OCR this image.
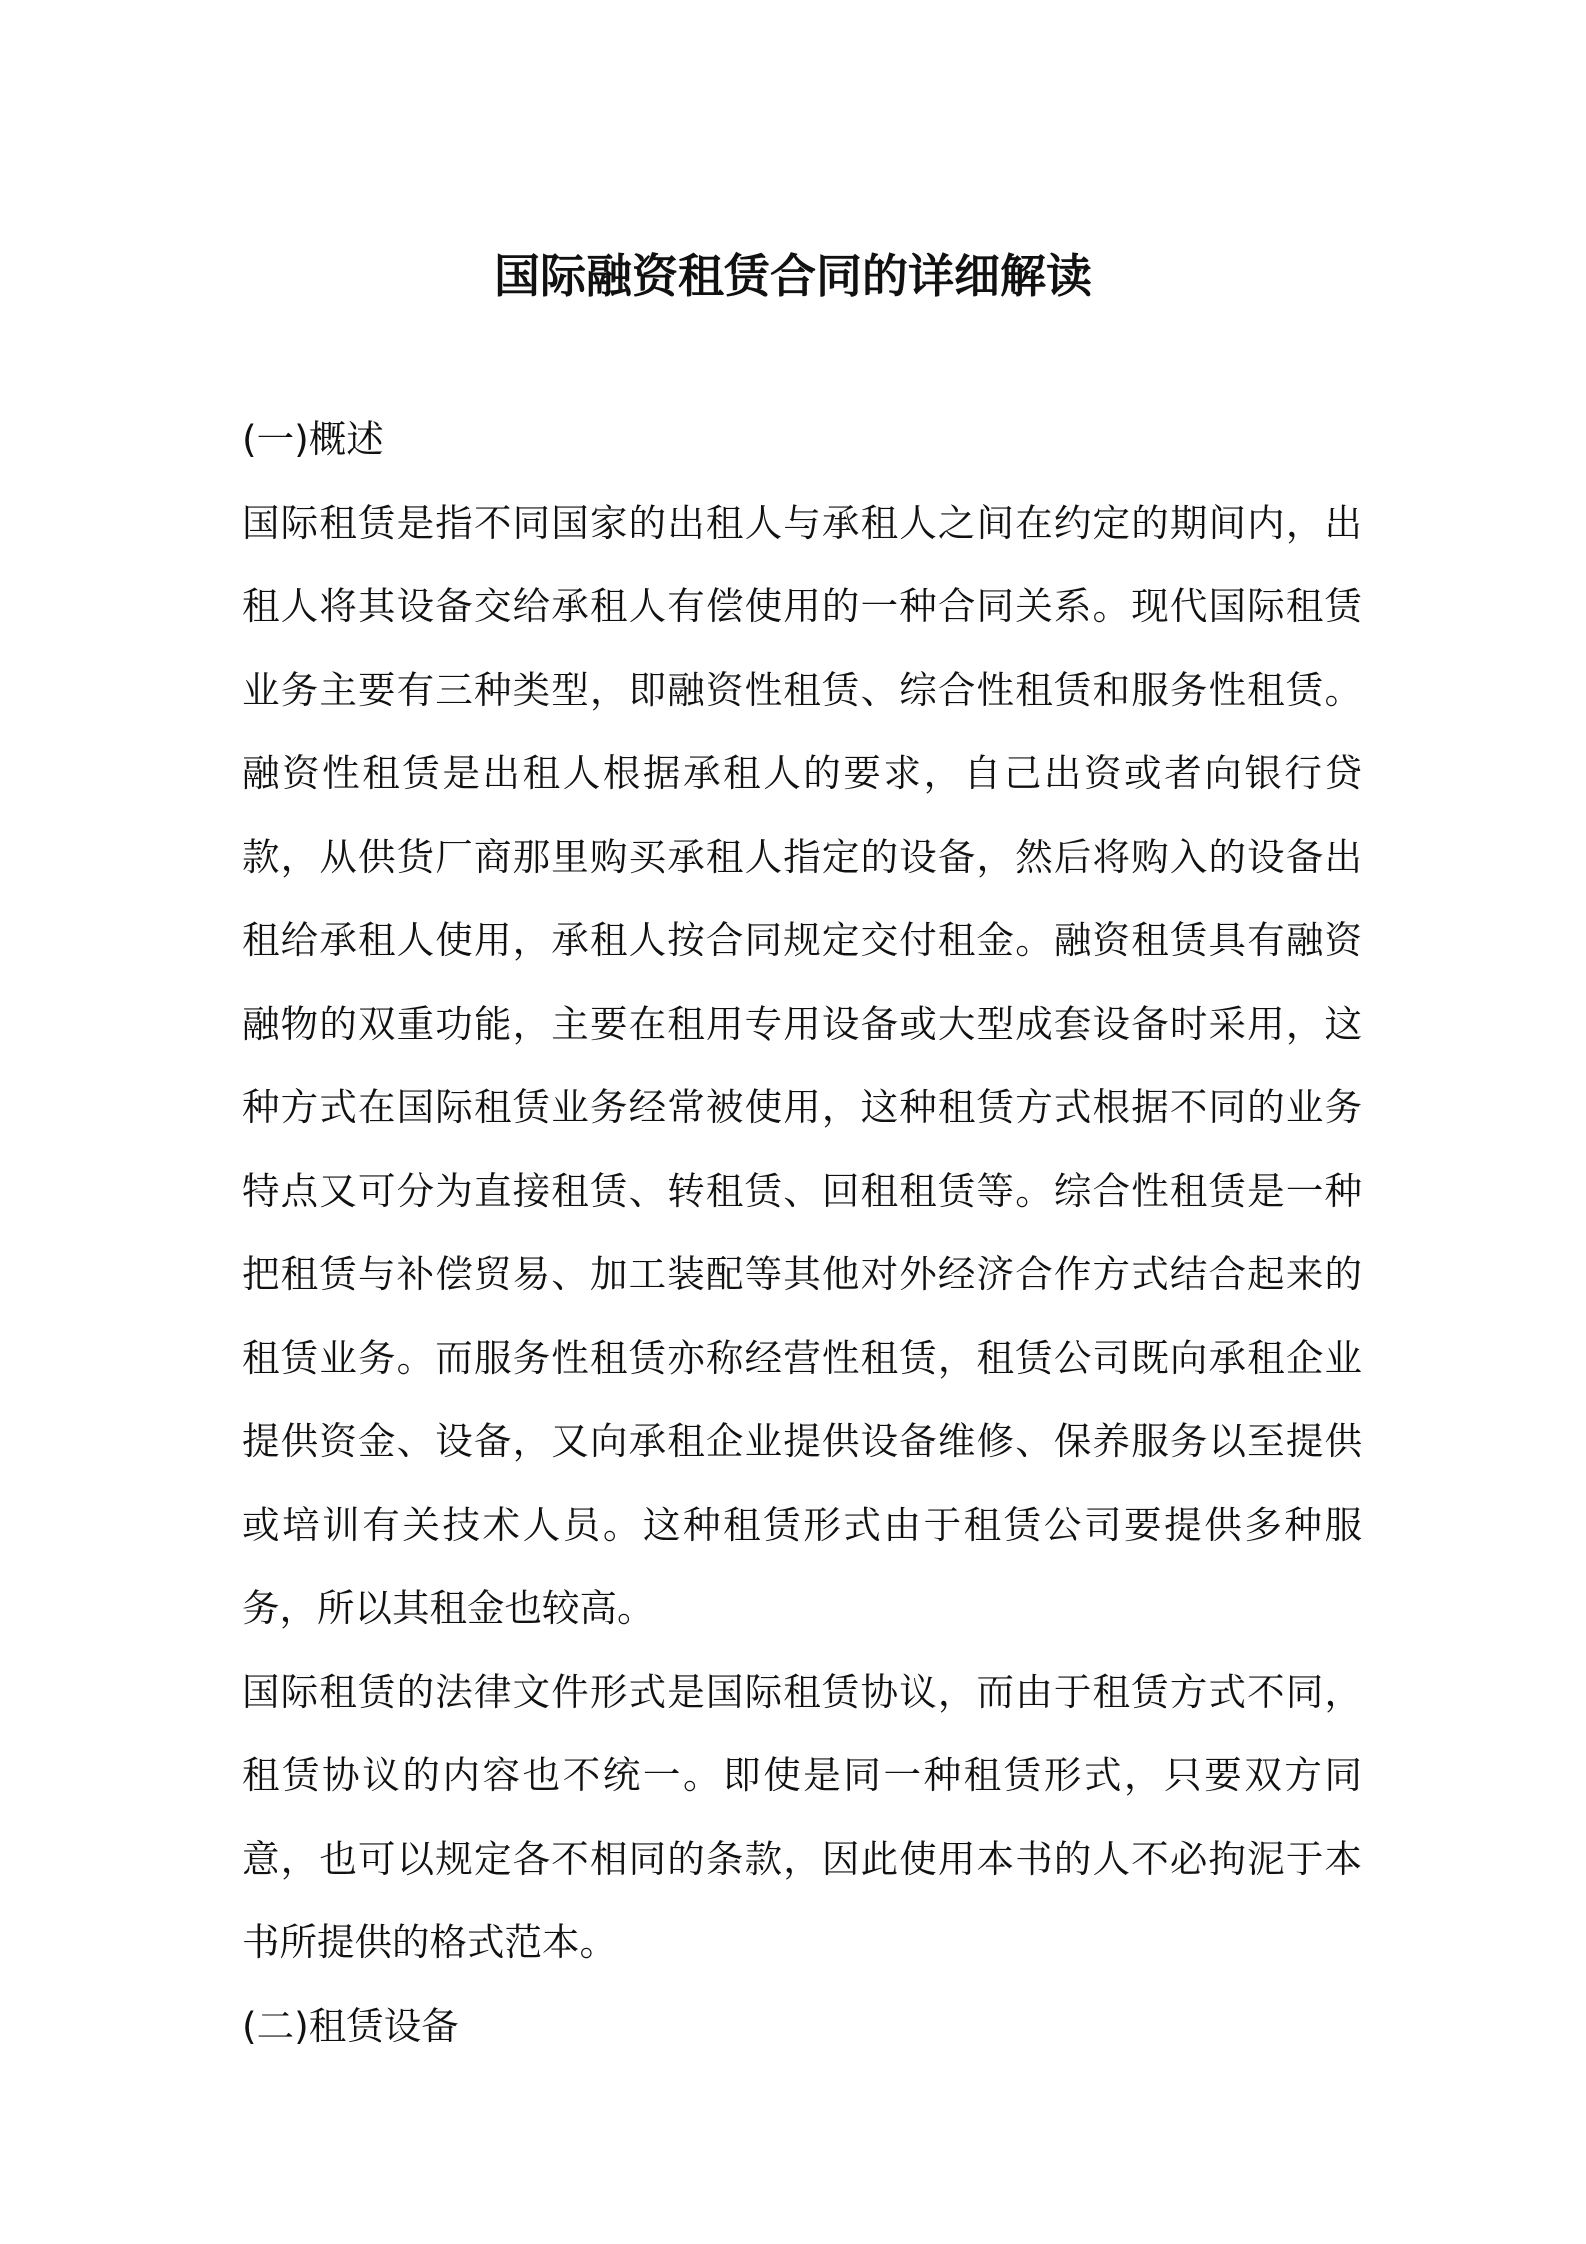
国际融资租赁合同的详细解读
(一)概述

国际租赁是指不同国家的出租人与承租人之间在约定的期间内，出租人将其设备交给承租人有偿使用的一种合同关系。现代国际租赁业务主要有三种类型，即融资性租赁、综合性租赁和服务性租赁。融资性租赁是出租人根据承租人的要求，自己出资或者向银行贷款，从供货厂商那里购买承租人指定的设备，然后将购入的设备出租给承租人使用，承租人按合同规定交付租金。融资租赁具有融资融物的双重功能，主要在租用专用设备或大型成套设备时采用，这种方式在国际租赁业务经常被使用，这种租赁方式根据不同的业务特点又可分为直接租赁、转租赁、回租租赁等。综合性租赁是一种把租赁与补偿贸易、加工装配等其他对外经济合作方式结合起来的租赁业务。而服务性租赁亦称经营性租赁，租赁公司既向承租企业提供资金、设备，又向承租企业提供设备维修、保养服务以至提供或培训有关技术人员。这种租赁形式由于租赁公司要提供多种服务，所以其租金也较高。

国际租赁的法律文件形式是国际租赁协议，而由于租赁方式不同，租赁协议的内容也不统一。即使是同一种租赁形式，只要双方同意，也可以规定各不相同的条款，因此使用本书的人不必拘泥于本书所提供的格式范本。

(二)租赁设备
